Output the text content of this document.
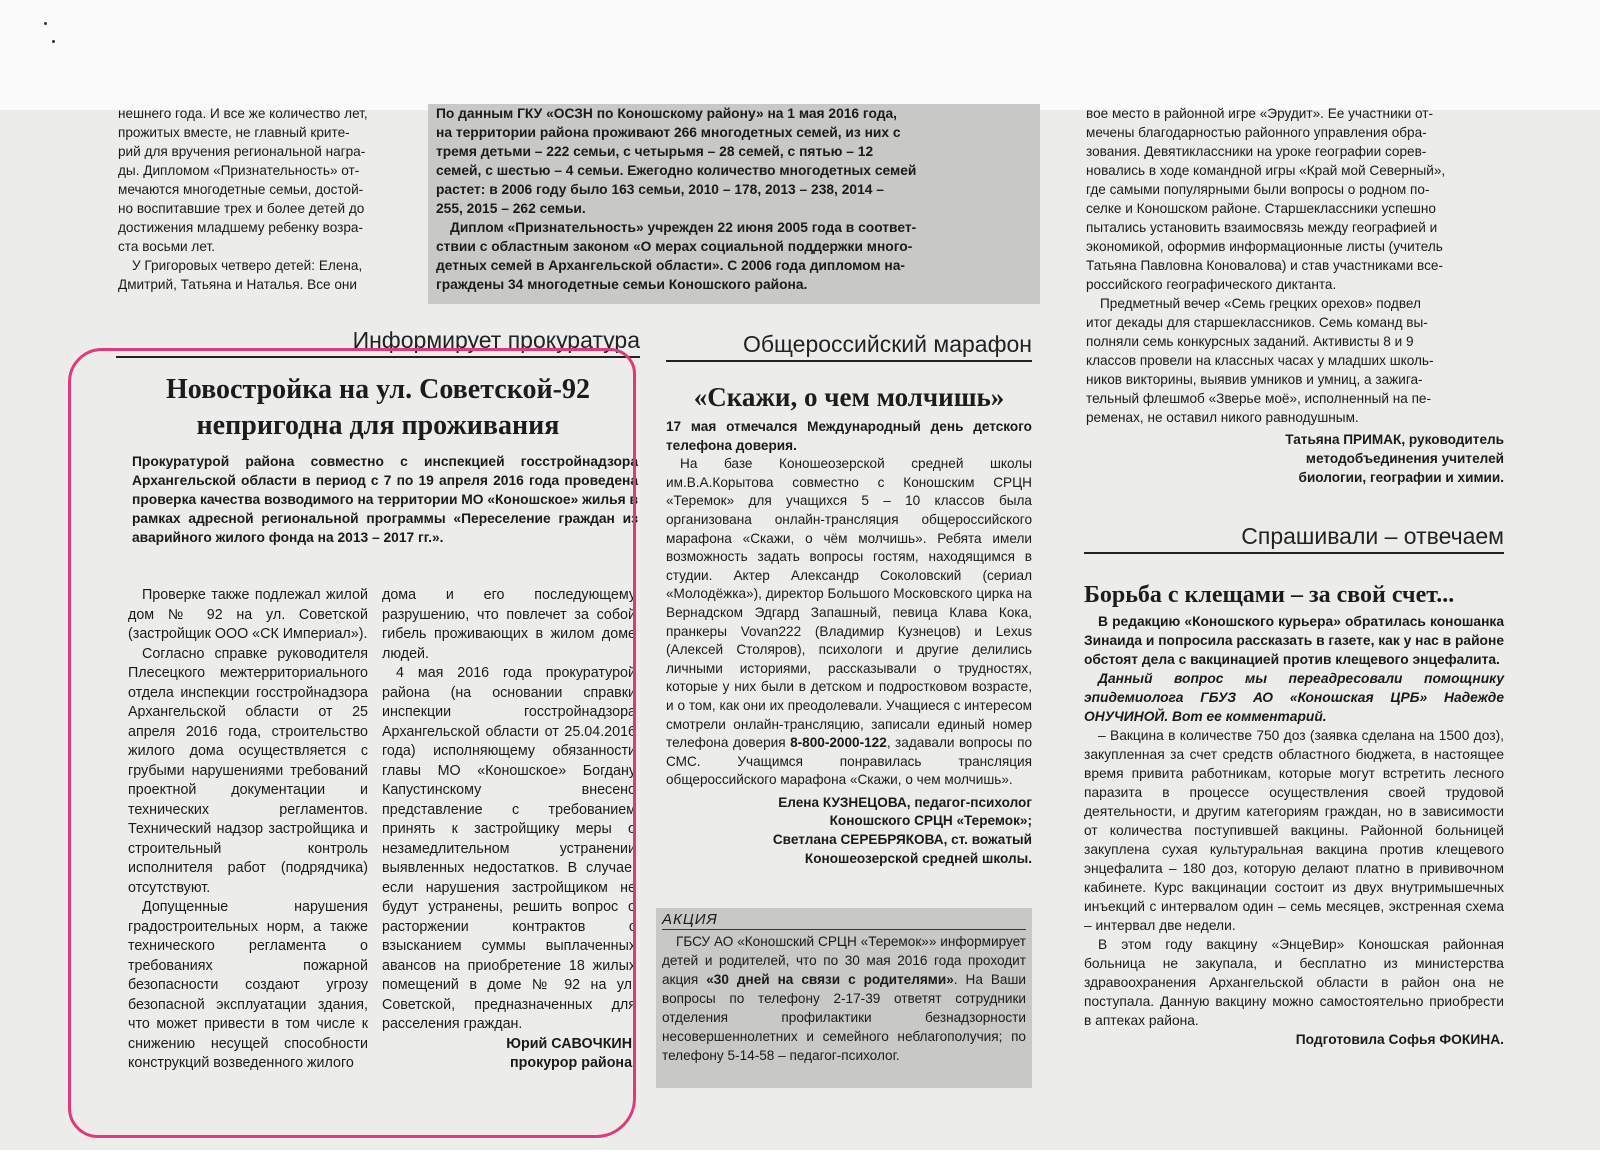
нешнего года. И все же количество лет,

прожитых вместе, не главный крите-

рий для вручения региональной награ-

ды. Дипломом «Признательность» от-

мечаются многодетные семьи, достой-

но воспитавшие трех и более детей до

достижения младшему ребенку возра-

ста восьми лет.

У Григоровых четверо детей: Елена,

Дмитрий, Татьяна и Наталья. Все они

По данным ГКУ «ОСЗН по Коношскому району» на 1 мая 2016 года,

на территории района проживают 266 многодетных семей, из них с

тремя детьми – 222 семьи, с четырьмя – 28 семей, с пятью – 12

семей, с шестью – 4 семьи. Ежегодно количество многодетных семей

растет: в 2006 году было 163 семьи, 2010 – 178, 2013 – 238, 2014 –

255, 2015 – 262 семьи.

Диплом «Признательность» учрежден 22 июня 2005 года в соответ-

ствии с областным законом «О мерах социальной поддержки много-

детных семей в Архангельской области». С 2006 года дипломом на-

граждены 34 многодетные семьи Коношского района.

вое место в районной игре «Эрудит». Ее участники от-

мечены благодарностью районного управления обра-

зования. Девятиклассники на уроке географии сорев-

новались в ходе командной игры «Край мой Северный»,

где самыми популярными были вопросы о родном по-

селке и Коношском районе. Старшеклассники успешно

пытались установить взаимосвязь между географией и

экономикой, оформив информационные листы (учитель

Татьяна Павловна Коновалова) и став участниками все-

российского географического диктанта.

Предметный вечер «Семь грецких орехов» подвел

итог декады для старшеклассников. Семь команд вы-

полняли семь конкурсных заданий. Активисты 8 и 9

классов провели на классных часах у младших школь-

ников викторины, выявив умников и умниц, а зажига-

тельный флешмоб «Зверье моё», исполненный на пе-

ременах, не оставил никого равнодушным.

Татьяна ПРИМАК, руководитель

методобъединения учителей

биологии, географии и химии.

Информирует прокуратура	Общероссийский марафон
Спрашивали – отвечаем
Новостройка на ул. Советской-92
непригодна для проживания
Прокуратурой района совместно с инспекцией госстройнадзора Архангельской области в период с 7 по 19 апреля 2016 года проведена проверка качества возводимого на территории МО «Коношское» жилья в рамках адресной региональной программы «Переселение граждан из аварийного жилого фонда на 2013 – 2017 гг.».

Проверке также подлежал жилой дом № 92 на ул. Советской (застройщик ООО «СК Империал»).

Согласно справке руководителя Плесецкого межтерриториального отдела инспекции госстройнадзора Архангельской области от 25 апреля 2016 года, строительство жилого дома осуществляется с грубыми нарушениями требований проектной документации и технических регламентов. Технический надзор застройщика и строительный контроль исполнителя работ (подрядчика) отсутствуют.

Допущенные нарушения градостроительных норм, а также технического регламента о требованиях пожарной безопасности создают угрозу безопасной эксплуатации здания, что может привести в том числе к снижению несущей способности конструкций возведенного жилого

дома и его последующему разрушению, что повлечет за собой гибель проживающих в жилом доме людей.

4 мая 2016 года прокуратурой района (на основании справки инспекции госстройнадзора Архангельской области от 25.04.2016 года) исполняющему обязанности главы МО «Коношское» Богдану Капустинскому внесено представление с требованием принять к застройщику меры о незамедлительном устранении выявленных недостатков. В случае, если нарушения застройщиком не будут устранены, решить вопрос о расторжении контрактов с взысканием суммы выплаченных авансов на приобретение 18 жилых помещений в доме № 92 на ул. Советской, предназначенных для расселения граждан.

Юрий САВОЧКИН,

прокурор района.

«Скажи, о чем молчишь»

17 мая отмечался Международный день детского телефона доверия.

На базе Коношеозерской средней школы им.В.А.Корытова совместно с Коношским СРЦН «Теремок» для учащихся 5 – 10 классов была организована онлайн-трансляция общероссийского марафона «Скажи, о чём молчишь». Ребята имели возможность задать вопросы гостям, находящимся в студии. Актер Александр Соколовский (сериал «Молодёжка»), директор Большого Московского цирка на Вернадском Эдгард Запашный, певица Клава Кока, пранкеры Vovan222 (Владимир Кузнецов) и Lexus (Алексей Столяров), психологи и другие делились личными историями, рассказывали о трудностях, которые у них были в детском и подростковом возрасте, и о том, как они их преодолевали. Учащиеся с интересом смотрели онлайн-трансляцию, записали единый номер телефона доверия 8-800-2000-122, задавали вопросы по СМС. Учащимся понравилась трансляция общероссийского марафона «Скажи, о чем молчишь».

Елена КУЗНЕЦОВА, педагог-психолог

Коношского СРЦН «Теремок»;

Светлана СЕРЕБРЯКОВА, ст. вожатый

Коношеозерской средней школы.

АКЦИЯ

ГБСУ АО «Коношский СРЦН «Теремок»» информирует детей и родителей, что по 30 мая 2016 года проходит акция «30 дней на связи с родителями». На Ваши вопросы по телефону 2-17-39 ответят сотрудники отделения профилактики безнадзорности несовершеннолетних и семейного неблагополучия; по телефону 5-14-58 – педагог-психолог.

Борьба с клещами – за свой счет...

В редакцию «Коношского курьера» обратилась коношанка Зинаида и попросила рассказать в газете, как у нас в районе обстоят дела с вакцинацией против клещевого энцефалита.

Данный вопрос мы переадресовали помощнику эпидемиолога ГБУЗ АО «Коношская ЦРБ» Надежде ОНУЧИНОЙ. Вот ее комментарий.

– Вакцина в количестве 750 доз (заявка сделана на 1500 доз), закупленная за счет средств областного бюджета, в настоящее время привита работникам, которые могут встретить лесного паразита в процессе осуществления своей трудовой деятельности, и другим категориям граждан, но в зависимости от количества поступившей вакцины. Районной больницей закуплена сухая культуральная вакцина против клещевого энцефалита – 180 доз, которую делают платно в прививочном кабинете. Курс вакцинации состоит из двух внутримышечных инъекций с интервалом один – семь месяцев, экстренная схема – интервал две недели.

В этом году вакцину «ЭнцеВир» Коношская районная больница не закупала, и бесплатно из министерства здравоохранения Архангельской области в район она не поступала. Данную вакцину можно самостоятельно приобрести в аптеках района.

Подготовила Софья ФОКИНА.
